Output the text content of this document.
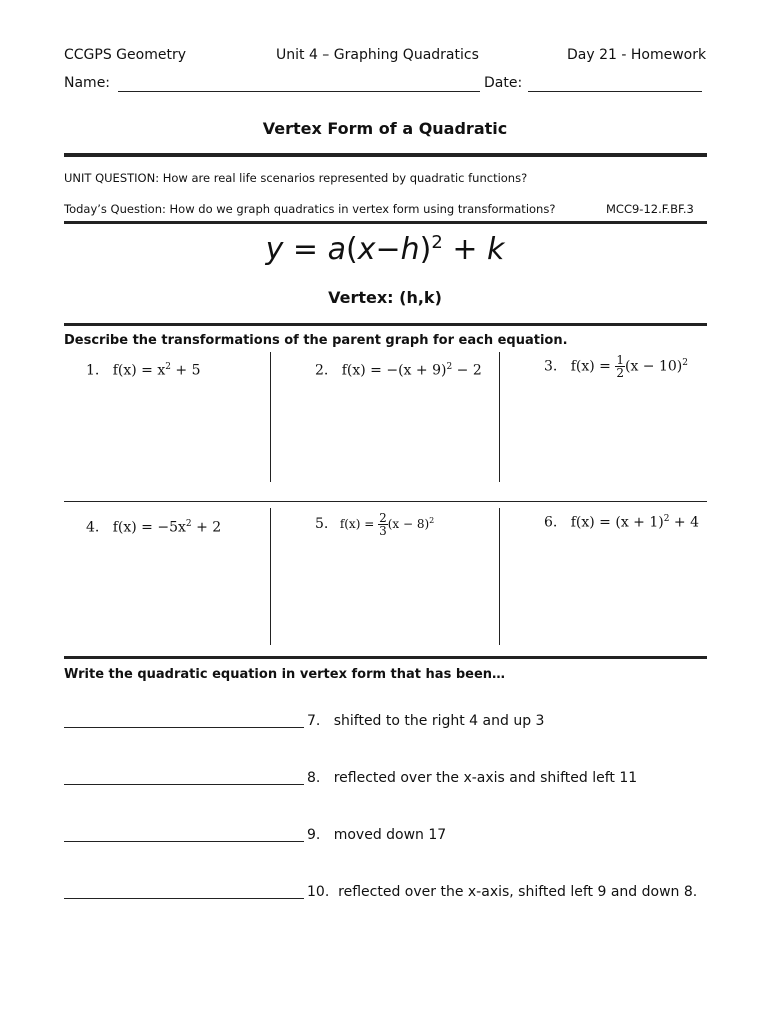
CCGPS Geometry	Unit 4 – Graphing Quadratics	Day 21 - Homework
Name:	Date:
Vertex Form of a Quadratic
UNIT QUESTION: How are real life scenarios represented by quadratic functions?
Today’s Question: How do we graph quadratics in vertex form using transformations?	MCC9-12.F.BF.3
$y = a(x-h)^2 + k$
Vertex: (h,k)
Describe the transformations of the parent graph for each equation.
1. $f(x) = x^2 + 5$	2. $f(x) = -(x + 9)^2 - 2$	3. $f(x) = \frac{1}{2} (x - 10)^2$
4. $f(x) = -5x^2 + 2$	5. $f(x) = \frac{2}{3} (x - 8)^2$	6. $f(x) = (x + 1)^2 + 4$
Write the quadratic equation in vertex form that has been…
7. shifted to the right 4 and up 3
8. reflected over the x-axis and shifted left 11
9. moved down 17
10. reflected over the x-axis, shifted left 9 and down 8.
